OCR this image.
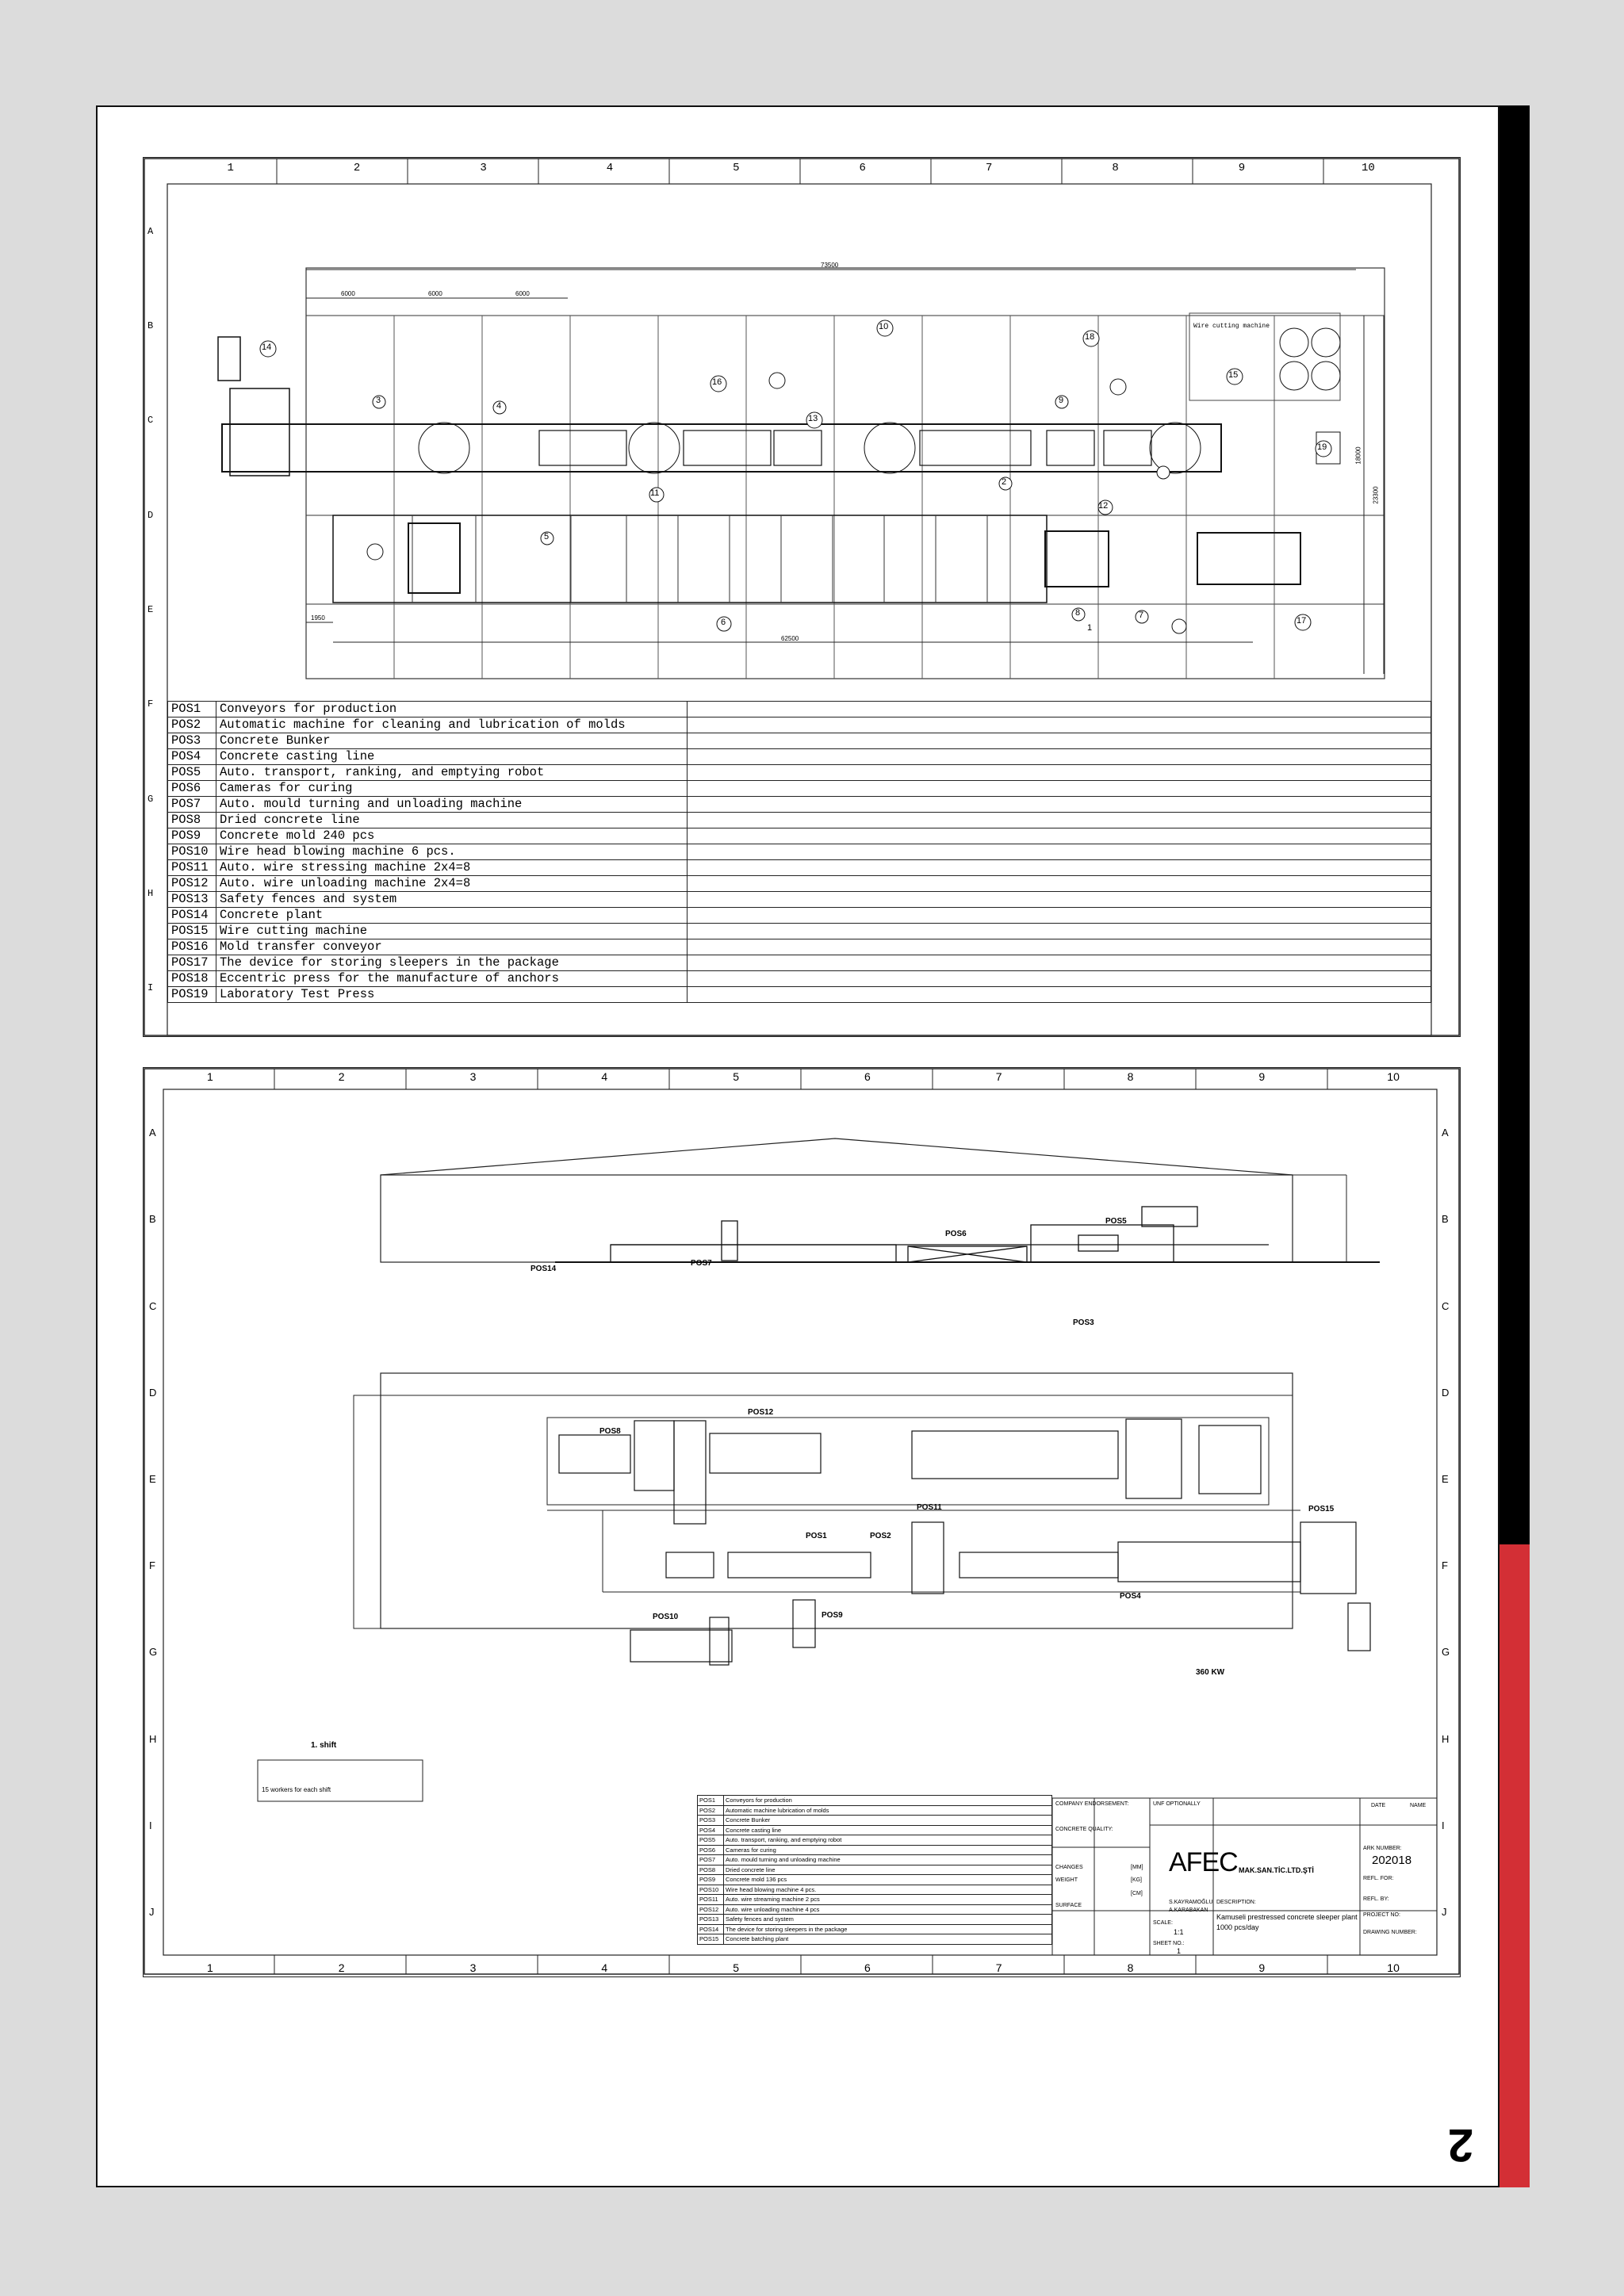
2
1	2	3	4	5	6	7	8	9	10
A
B
C
D
E
F
G
H
I
73500
6000	6000	6000
62500
1950
23300
18000
Wire cutting machine
1
2
3
4
5
6
7
8
9
10
11
12
13
14
15
16
17
18
19
POS1	Conveyors for production	
POS2	Automatic machine for cleaning and lubrication of molds	
POS3	Concrete Bunker	
POS4	Concrete casting line	
POS5	Auto. transport, ranking, and emptying robot	
POS6	Cameras for curing	
POS7	Auto. mould turning and unloading machine	
POS8	Dried concrete line	
POS9	Concrete mold 240 pcs	
POS10	Wire head blowing machine 6 pcs.	
POS11	Auto. wire stressing machine 2x4=8	
POS12	Auto. wire unloading machine 2x4=8	
POS13	Safety fences and system	
POS14	Concrete plant	
POS15	Wire cutting machine	
POS16	Mold transfer conveyor	
POS17	The device for storing sleepers in the package	
POS18	Eccentric press for the manufacture of anchors	
POS19	Laboratory Test Press	
1	2	3	4	5	6	7	8	9	10
1	2	3	4	5	6	7	8	9	10
A
B
C
D
E
F
G
H
I
J
A
B
C
D
E
F
G
H
I
J
POS14
POS7
POS6
POS5
POS3
POS8
POS12
POS11
POS1	POS2
POS15
POS4
POS10	POS9
360 KW
1. shift
15 workers for each shift
POS1	Conveyors for production
POS2	Automatic machine lubrication of molds
POS3	Concrete Bunker
POS4	Concrete casting line
POS5	Auto. transport, ranking, and emptying robot
POS6	Cameras for curing
POS7	Auto. mould turning and unloading machine
POS8	Dried concrete line
POS9	Concrete mold 136 pcs
POS10	Wire head blowing machine 4 pcs.
POS11	Auto. wire streaming machine 2 pcs
POS12	Auto. wire unloading machine 4 pcs
POS13	Safety fences and system
POS14	The device for storing sleepers in the package
POS15	Concrete batching plant
COMPANY ENDORSEMENT:
CONCRETE QUALITY:
CHANGES
WEIGHT
SURFACE
[MM]
[KG]
[CM]
UNF OPTIONALLY
S.KAYRAMOĞLU
A.KARABAKAN
SCALE:
1:1
SHEET NO.:
1
DESCRIPTION:
AFEC MAK.SAN.TİC.LTD.ŞTİ
Kamuseli prestressed concrete sleeper plant 1000 pcs/day
ARK NUMBER:
202018
REFL. FOR:
REFL. BY:
PROJECT NO:
DRAWING NUMBER:
DATE	NAME
